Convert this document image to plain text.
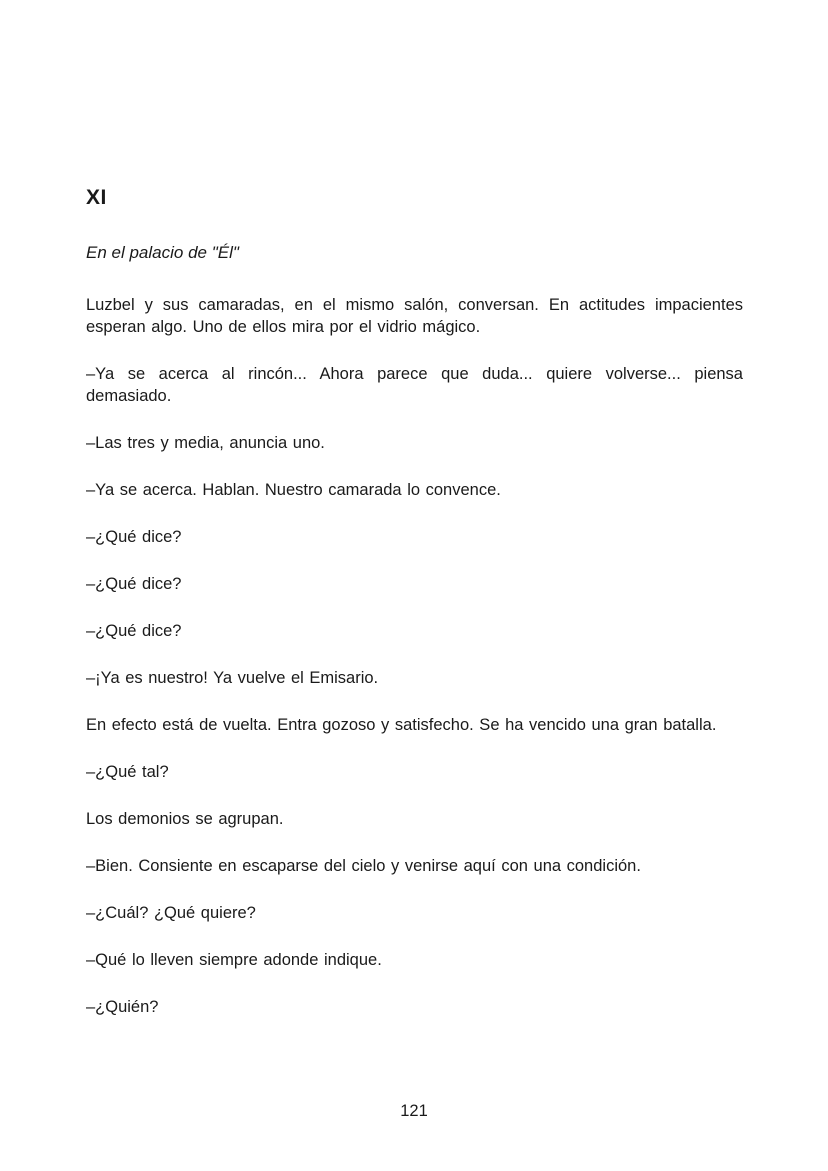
XI

En el palacio de "Él"

Luzbel y sus camaradas, en el mismo salón, conversan. En actitudes impacientes esperan algo. Uno de ellos mira por el vidrio mágico.

–Ya se acerca al rincón... Ahora parece que duda... quiere volverse... piensa demasiado.

–Las tres y media, anuncia uno.

–Ya se acerca. Hablan. Nuestro camarada lo convence.

–¿Qué dice?

–¿Qué dice?

–¿Qué dice?

–¡Ya es nuestro! Ya vuelve el Emisario.

En efecto está de vuelta. Entra gozoso y satisfecho. Se ha vencido una gran batalla.

–¿Qué tal?

Los demonios se agrupan.

–Bien. Consiente en escaparse del cielo y venirse aquí con una condición.

–¿Cuál? ¿Qué quiere?

–Qué lo lleven siempre adonde indique.

–¿Quién?

121
